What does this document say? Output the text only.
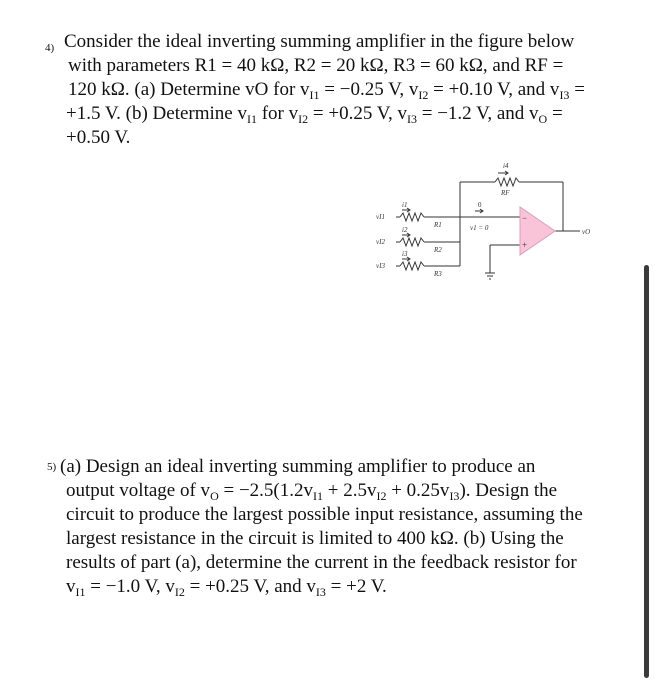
4) Consider the ideal inverting summing amplifier in the figure below
with parameters R1 = 40 kΩ, R2 = 20 kΩ, R3 = 60 kΩ, and RF =
120 kΩ. (a) Determine vO for $v_{I1} = -0.25$ V, $v_{I2} = +0.10$ V, and $v_{I3}$ =
+1.5 V. (b) Determine $v_{I1}$ for $v_{I2} = +0.25$ V, $v_{I3} = -1.2$ V, and $v_O$ =
+0.50 V.
−
+
vI1
vI2
vI3
i1
i2
i3
R1
R2
R3
RF
i4
0
v1 = 0	vO
5) (a) Design an ideal inverting summing amplifier to produce an
output voltage of $v_O = -2.5(1.2v_{I1} + 2.5v_{I2} + 0.25v_{I3})$. Design the
circuit to produce the largest possible input resistance, assuming the
largest resistance in the circuit is limited to 400 kΩ. (b) Using the
results of part (a), determine the current in the feedback resistor for
$v_{I1} = -1.0$ V, $v_{I2} = +0.25$ V, and $v_{I3} = +2$ V.
